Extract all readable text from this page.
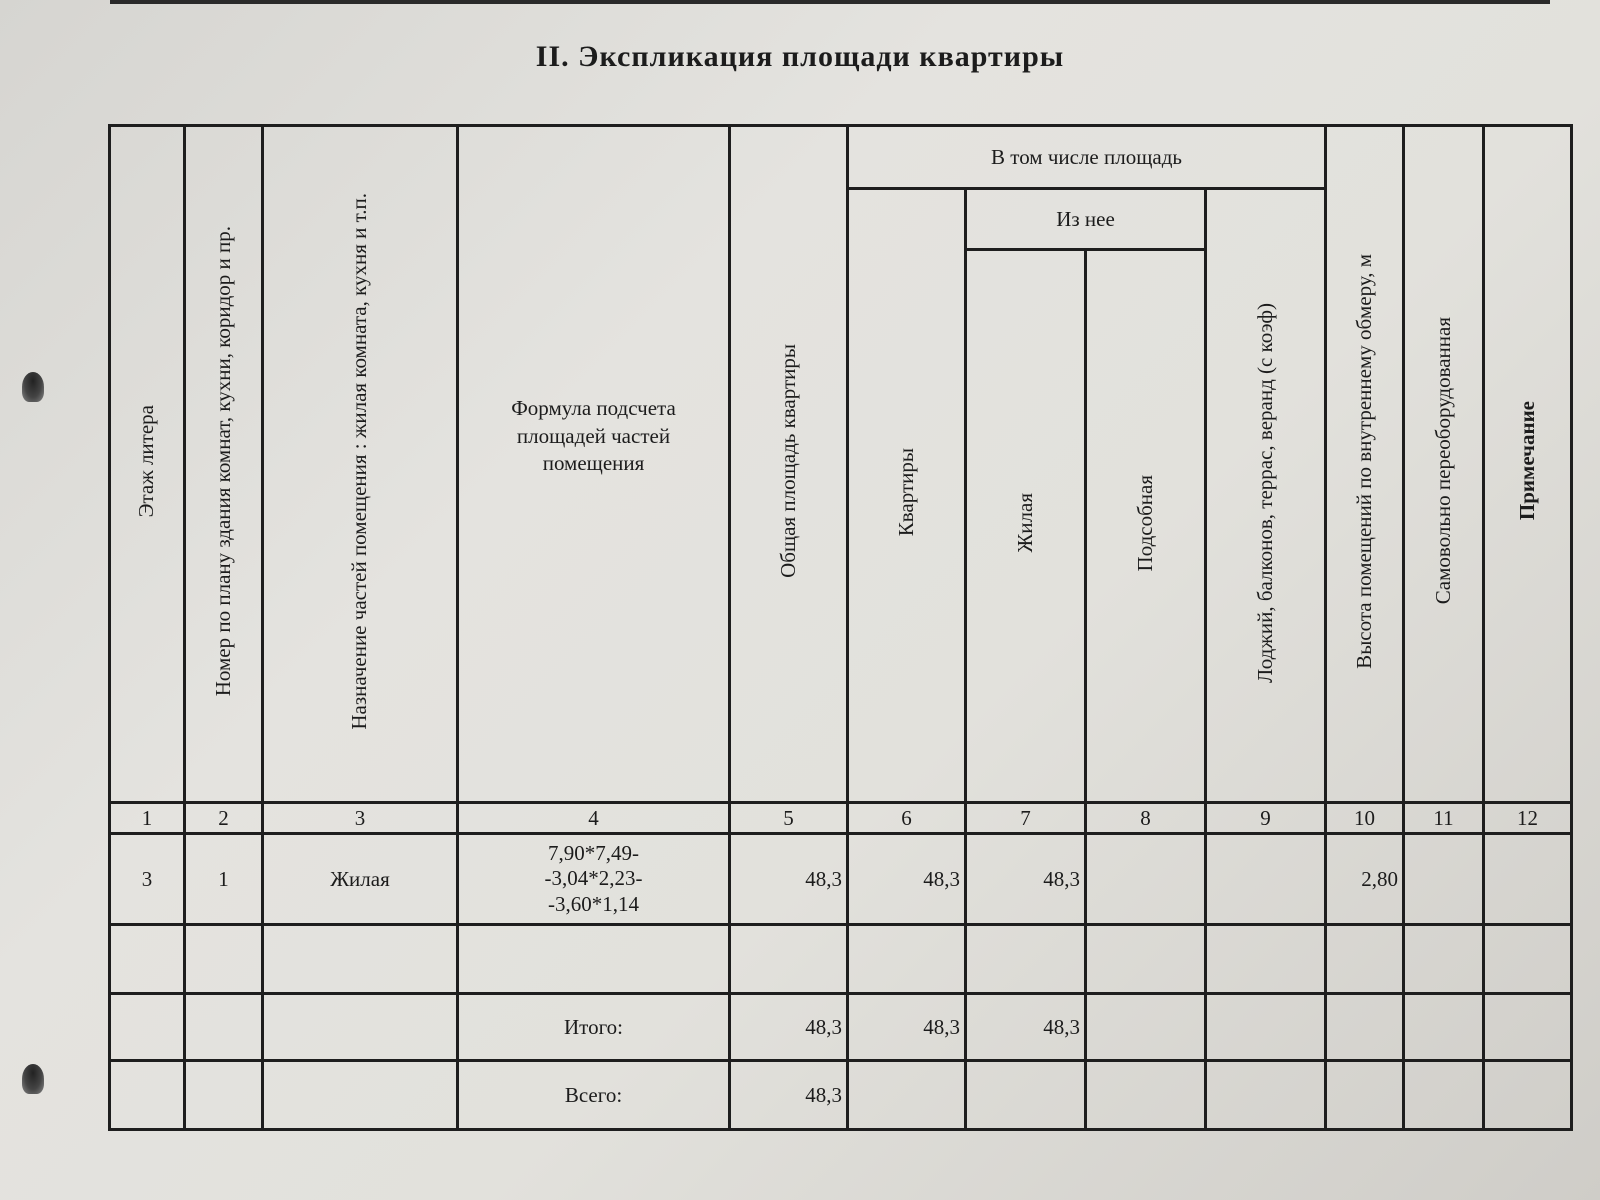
II. Экспликация площади квартиры
Этаж литера	Номер по плану здания комнат, кухни, коридор и пр.	Назначение частей помещения : жилая комната, кухня и т.п.	Формула подсчета площадей частей помещения	Общая площадь квартиры	В том числе площадь				Высота помещений по внутреннему обмеру, м	Самовольно переоборудованная	Примечание
					Квартиры	Из нее		Лоджий, балконов, террас, веранд (с коэф)			
						Жилая	Подсобная				
1	2	3	4	5	6	7	8	9	10	11	12
3	1	Жилая	7,90*7,49-
-3,04*2,23-
-3,60*1,14	48,3	48,3	48,3			2,80		

			Итого:	48,3	48,3	48,3					
			Всего:	48,3							
